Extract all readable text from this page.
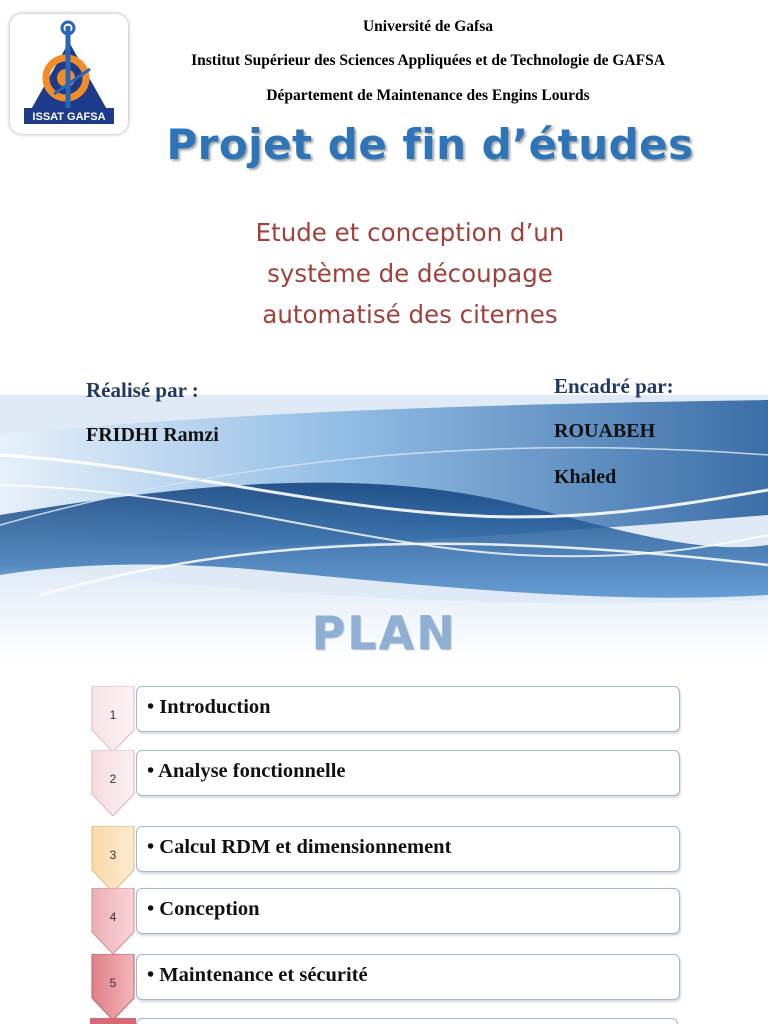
ISSAT GAFSA
Université de Gafsa
Institut Supérieur des Sciences Appliquées et de Technologie de GAFSA
Département de Maintenance des Engins Lourds
Projet de fin d’études
Etude et conception d’un
système de découpage
automatisé des citernes
Réalisé par :	Encadré par:
FRIDHI Ramzi	ROUABEH
Khaled
PLAN
1	• Introduction
2	• Analyse fonctionnelle
3	• Calcul RDM et dimensionnement
4	• Conception
5	• Maintenance et sécurité
